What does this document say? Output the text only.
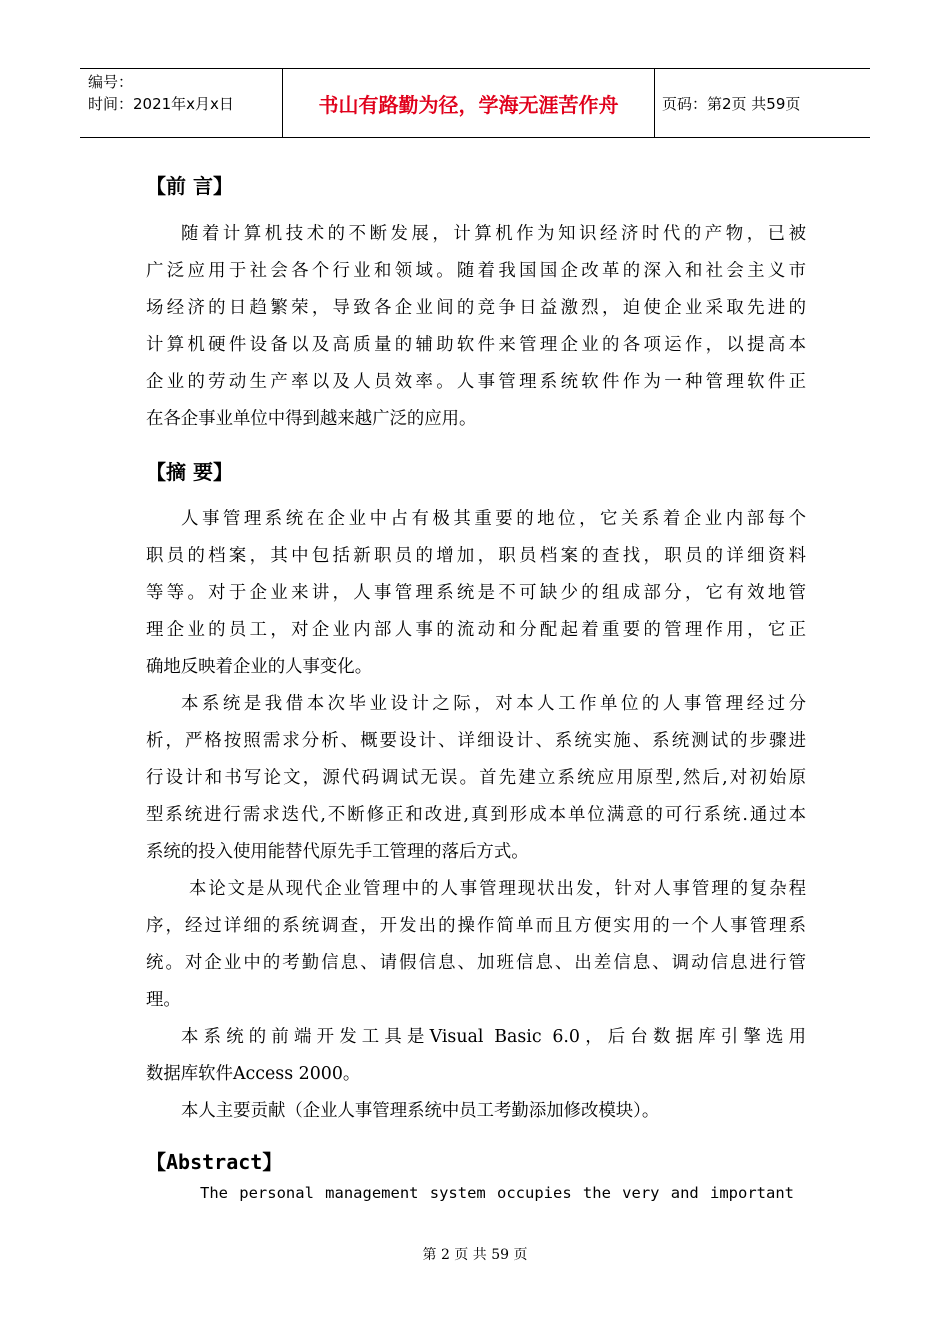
编号：
时间：2021年x月x日	书山有路勤为径，学海无涯苦作舟	页码：第2页 共59页
【前 言】
随着计算机技术的不断发展，计算机作为知识经济时代的产物，已被
广泛应用于社会各个行业和领域。随着我国国企改革的深入和社会主义市
场经济的日趋繁荣，导致各企业间的竞争日益激烈，迫使企业采取先进的
计算机硬件设备以及高质量的辅助软件来管理企业的各项运作，以提高本
企业的劳动生产率以及人员效率。人事管理系统软件作为一种管理软件正
在各企事业单位中得到越来越广泛的应用。
【摘 要】
人事管理系统在企业中占有极其重要的地位，它关系着企业内部每个
职员的档案，其中包括新职员的增加，职员档案的查找，职员的详细资料
等等。对于企业来讲，人事管理系统是不可缺少的组成部分，它有效地管
理企业的员工，对企业内部人事的流动和分配起着重要的管理作用，它正
确地反映着企业的人事变化。
本系统是我借本次毕业设计之际，对本人工作单位的人事管理经过分
析，严格按照需求分析、概要设计、详细设计、系统实施、系统测试的步骤进
行设计和书写论文，源代码调试无误。首先建立系统应用原型,然后,对初始原
型系统进行需求迭代,不断修正和改进,真到形成本单位满意的可行系统.通过本
系统的投入使用能替代原先手工管理的落后方式。
本论文是从现代企业管理中的人事管理现状出发，针对人事管理的复杂程
序，经过详细的系统调查，开发出的操作简单而且方便实用的一个人事管理系
统。对企业中的考勤信息、请假信息、加班信息、出差信息、调动信息进行管
理。
本系统的前端开发工具是Visual Basic 6.0，后台数据库引擎选用
数据库软件Access 2000。
本人主要贡献（企业人事管理系统中员工考勤添加修改模块）。
【Abstract】
The personal management system occupies the very and important
第 2 页 共 59 页
